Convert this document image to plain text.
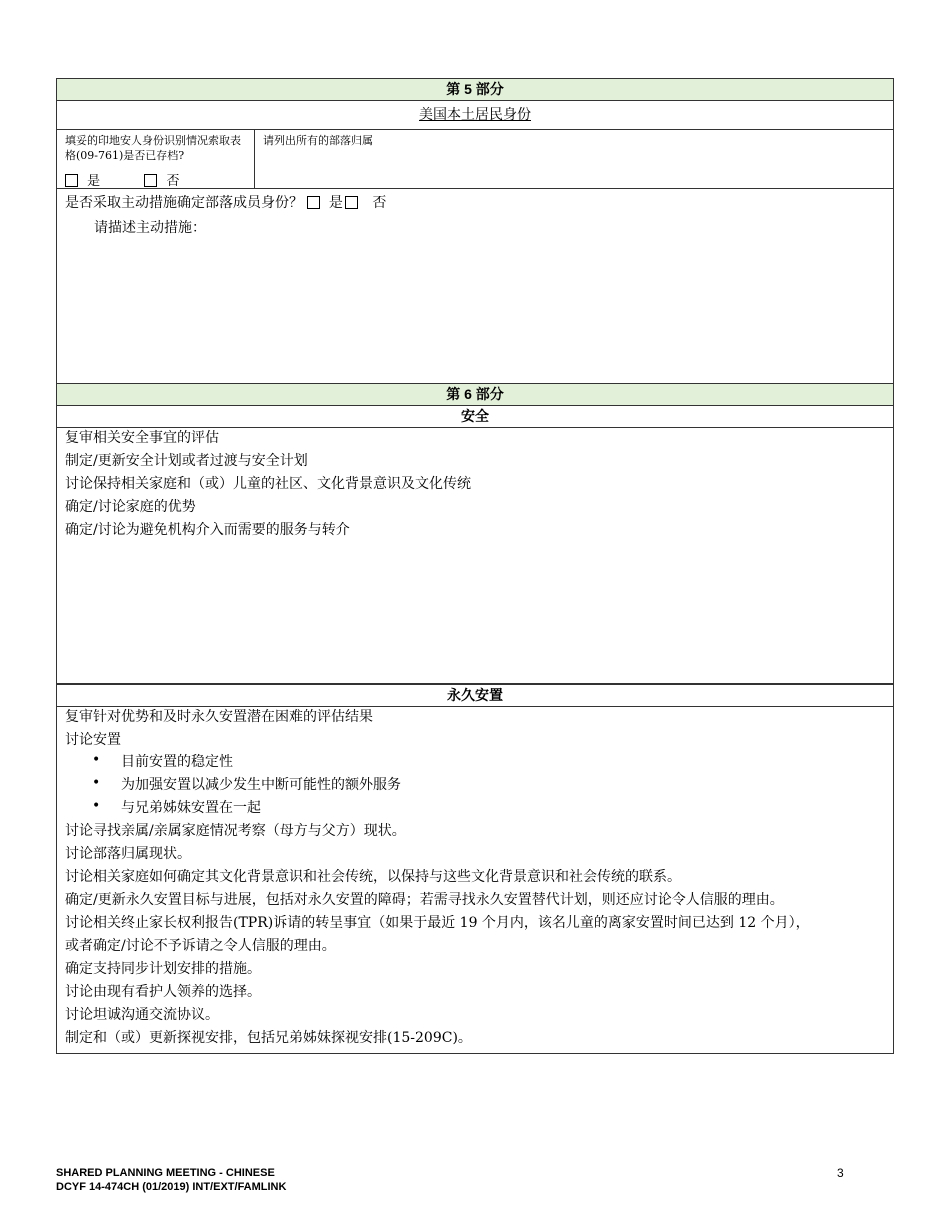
第 5 部分
美国本土居民身份
填妥的印地安人身份识别情况索取表格(09-761)是否已存档?
是	否
请列出所有的部落归属
是否采取主动措施确定部落成员身份？ 是 否
请描述主动措施：
第 6 部分
安全
复审相关安全事宜的评估
制定/更新安全计划或者过渡与安全计划
讨论保持相关家庭和（或）儿童的社区、文化背景意识及文化传统
确定/讨论家庭的优势
确定/讨论为避免机构介入而需要的服务与转介
永久安置
复审针对优势和及时永久安置潜在困难的评估结果
讨论安置
• 目前安置的稳定性
• 为加强安置以减少发生中断可能性的额外服务
• 与兄弟姊妹安置在一起
讨论寻找亲属/亲属家庭情况考察（母方与父方）现状。
讨论部落归属现状。
讨论相关家庭如何确定其文化背景意识和社会传统，以保持与这些文化背景意识和社会传统的联系。
确定/更新永久安置目标与进展，包括对永久安置的障碍；若需寻找永久安置替代计划，则还应讨论令人信服的理由。
讨论相关终止家长权利报告(TPR)诉请的转呈事宜（如果于最近 19 个月内，该名儿童的离家安置时间已达到 12 个月），
或者确定/讨论不予诉请之令人信服的理由。
确定支持同步计划安排的措施。
讨论由现有看护人领养的选择。
讨论坦诚沟通交流协议。
制定和（或）更新探视安排，包括兄弟姊妹探视安排(15-209C)。
SHARED PLANNING MEETING - CHINESE
DCYF 14-474CH (01/2019) INT/EXT/FAMLINK
3
